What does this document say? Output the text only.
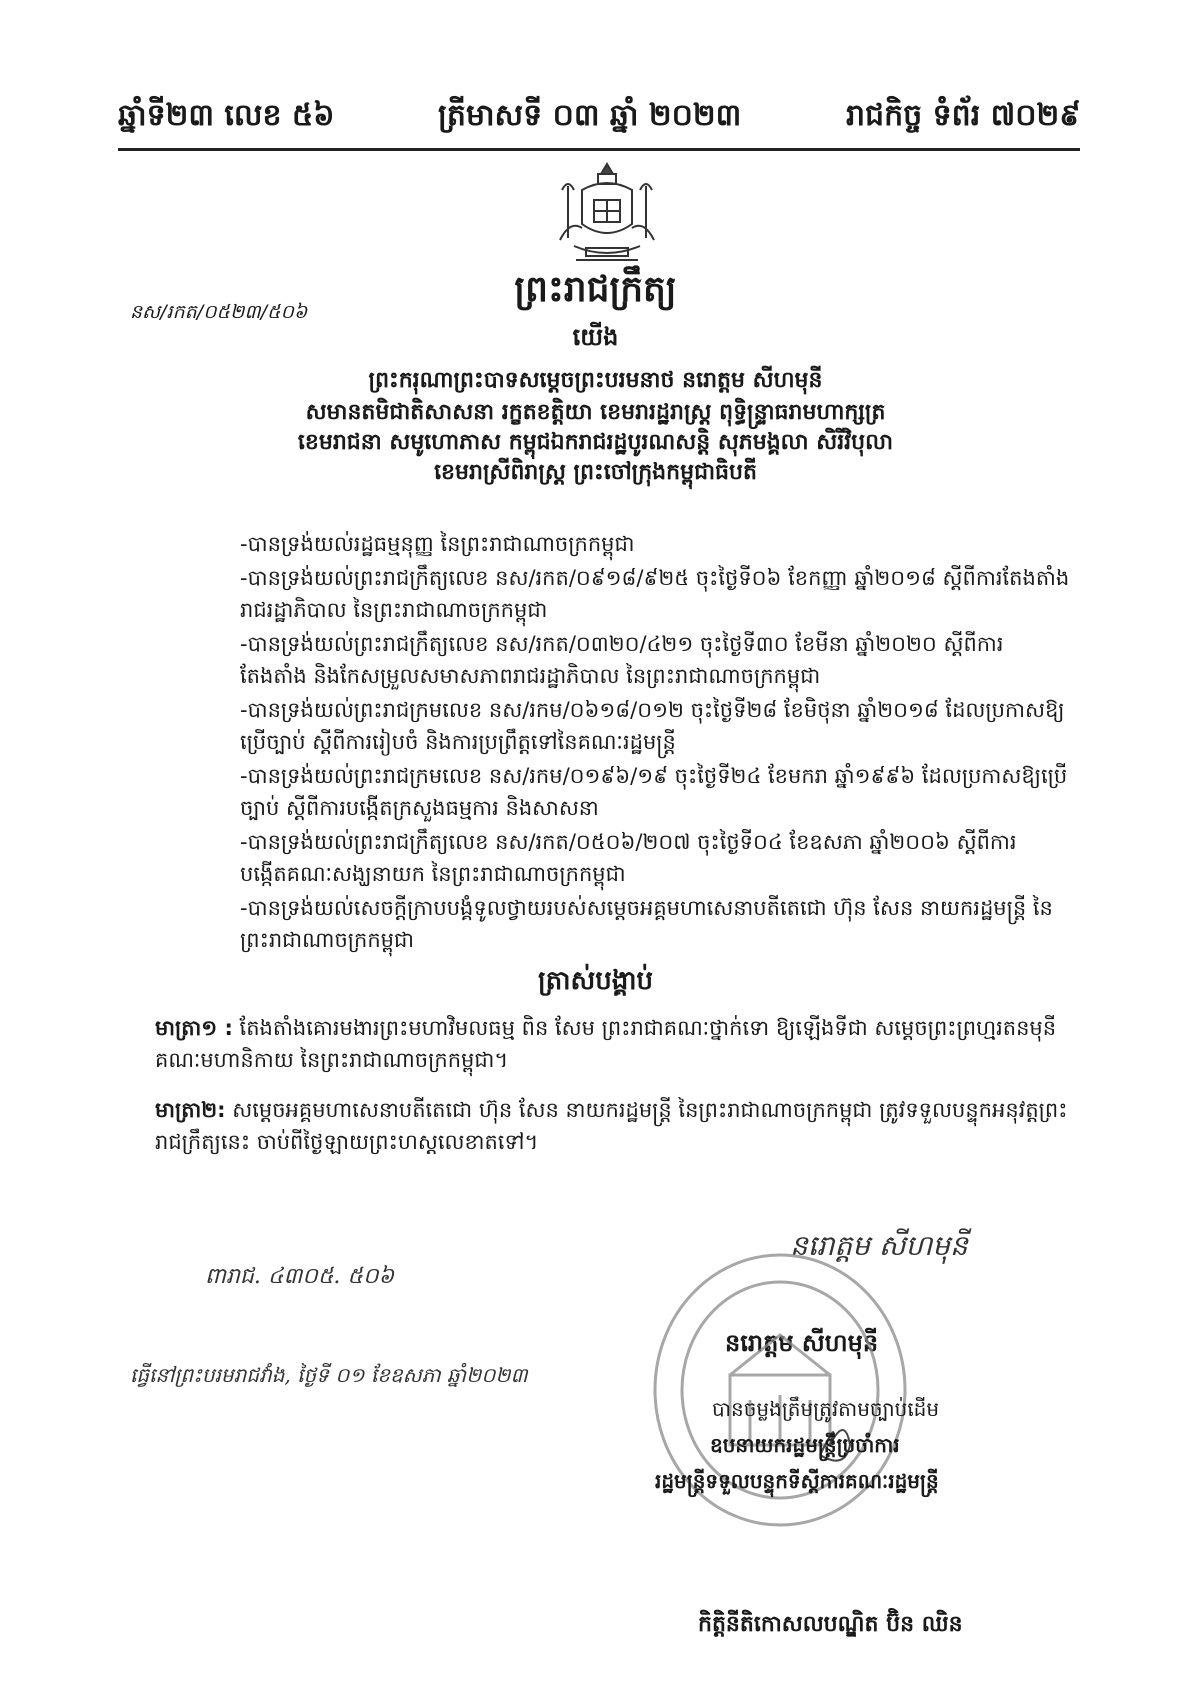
ឆ្នាំទី២៣ លេខ ៥៦	ត្រីមាសទី ០៣ ឆ្នាំ ២០២៣	រាជកិច្ច ទំព័រ ៧០២៩
នស/រកត/០៥២៣/៥០៦
ព្រះរាជក្រឹត្យ
យើង
ព្រះករុណាព្រះបាទសម្តេចព្រះបរមនាថ នរោត្តម សីហមុនី
សមានតមិជាតិសាសនា រក្ខតខត្តិយា ខេមរារដ្ឋរាស្ត្រ ពុទ្ធិន្ទ្រាធរាមហាក្សត្រ
ខេមរាជនា សមូហោភាស កម្ពុជឯករាជរដ្ឋបូរណសន្តិ សុភមង្គលា សិរីវិបុលា
ខេមរាស្រីពិរាស្ត្រ ព្រះចៅក្រុងកម្ពុជាធិបតី
-បានទ្រង់យល់រដ្ឋធម្មនុញ្ញ នៃព្រះរាជាណាចក្រកម្ពុជា
-បានទ្រង់យល់ព្រះរាជក្រឹត្យលេខ នស/រកត/០៩១៨/៩២៥ ចុះថ្ងៃទី០៦ ខែកញ្ញា ឆ្នាំ២០១៨ ស្តីពីការតែងតាំងរាជរដ្ឋាភិបាល នៃព្រះរាជាណាចក្រកម្ពុជា
-បានទ្រង់យល់ព្រះរាជក្រឹត្យលេខ នស/រកត/០៣២០/៤២១ ចុះថ្ងៃទី៣០ ខែមីនា ឆ្នាំ២០២០ ស្តីពីការតែងតាំង និងកែសម្រួលសមាសភាពរាជរដ្ឋាភិបាល នៃព្រះរាជាណាចក្រកម្ពុជា
-បានទ្រង់យល់ព្រះរាជក្រមលេខ នស/រកម/០៦១៨/០១២ ចុះថ្ងៃទី២៨ ខែមិថុនា ឆ្នាំ២០១៨ ដែលប្រកាសឱ្យប្រើច្បាប់ ស្តីពីការរៀបចំ និងការប្រព្រឹត្តទៅនៃគណៈរដ្ឋមន្ត្រី
-បានទ្រង់យល់ព្រះរាជក្រមលេខ នស/រកម/០១៩៦/១៩ ចុះថ្ងៃទី២៤ ខែមករា ឆ្នាំ១៩៩៦ ដែលប្រកាសឱ្យប្រើច្បាប់ ស្តីពីការបង្កើតក្រសួងធម្មការ និងសាសនា
-បានទ្រង់យល់ព្រះរាជក្រឹត្យលេខ នស/រកត/០៥០៦/២០៧ ចុះថ្ងៃទី០៤ ខែឧសភា ឆ្នាំ២០០៦ ស្តីពីការបង្កើតគណៈសង្ឃនាយក នៃព្រះរាជាណាចក្រកម្ពុជា
-បានទ្រង់យល់សេចក្តីក្រាបបង្គំទូលថ្វាយរបស់សម្តេចអគ្គមហាសេនាបតីតេជោ ហ៊ុន សែន នាយករដ្ឋមន្ត្រី នៃព្រះរាជាណាចក្រកម្ពុជា
ត្រាស់បង្គាប់
មាត្រា១ : តែងតាំងគោរមងារព្រះមហាវិមលធម្ម ពិន សែម ព្រះរាជាគណៈថ្នាក់ទោ ឱ្យឡើងទីជា សម្តេចព្រះព្រហ្មរតនមុនី គណៈមហានិកាយ នៃព្រះរាជាណាចក្រកម្ពុជា។
មាត្រា២: សម្តេចអគ្គមហាសេនាបតីតេជោ ហ៊ុន សែន នាយករដ្ឋមន្ត្រី នៃព្រះរាជាណាចក្រកម្ពុជា ត្រូវទទួលបន្ទុកអនុវត្តព្រះរាជក្រឹត្យនេះ ចាប់ពីថ្ងៃឡាយព្រះហស្តលេខាតទៅ។
ពារាជ. ៤៣០៥. ៥០៦
ធ្វើនៅព្រះបរមរាជវាំង, ថ្ងៃទី ០១ ខែឧសភា ឆ្នាំ២០២៣
នរោត្តម សីហមុនី
នរោត្តម សីហមុនី
បានចម្លងត្រឹមត្រូវតាមច្បាប់ដើម
ឧបនាយករដ្ឋមន្ត្រីប្រចាំការ
រដ្ឋមន្ត្រីទទួលបន្ទុកទីស្តីការគណៈរដ្ឋមន្ត្រី
កិត្តិនីតិកោសលបណ្ឌិត ប៊ិន ឈិន
